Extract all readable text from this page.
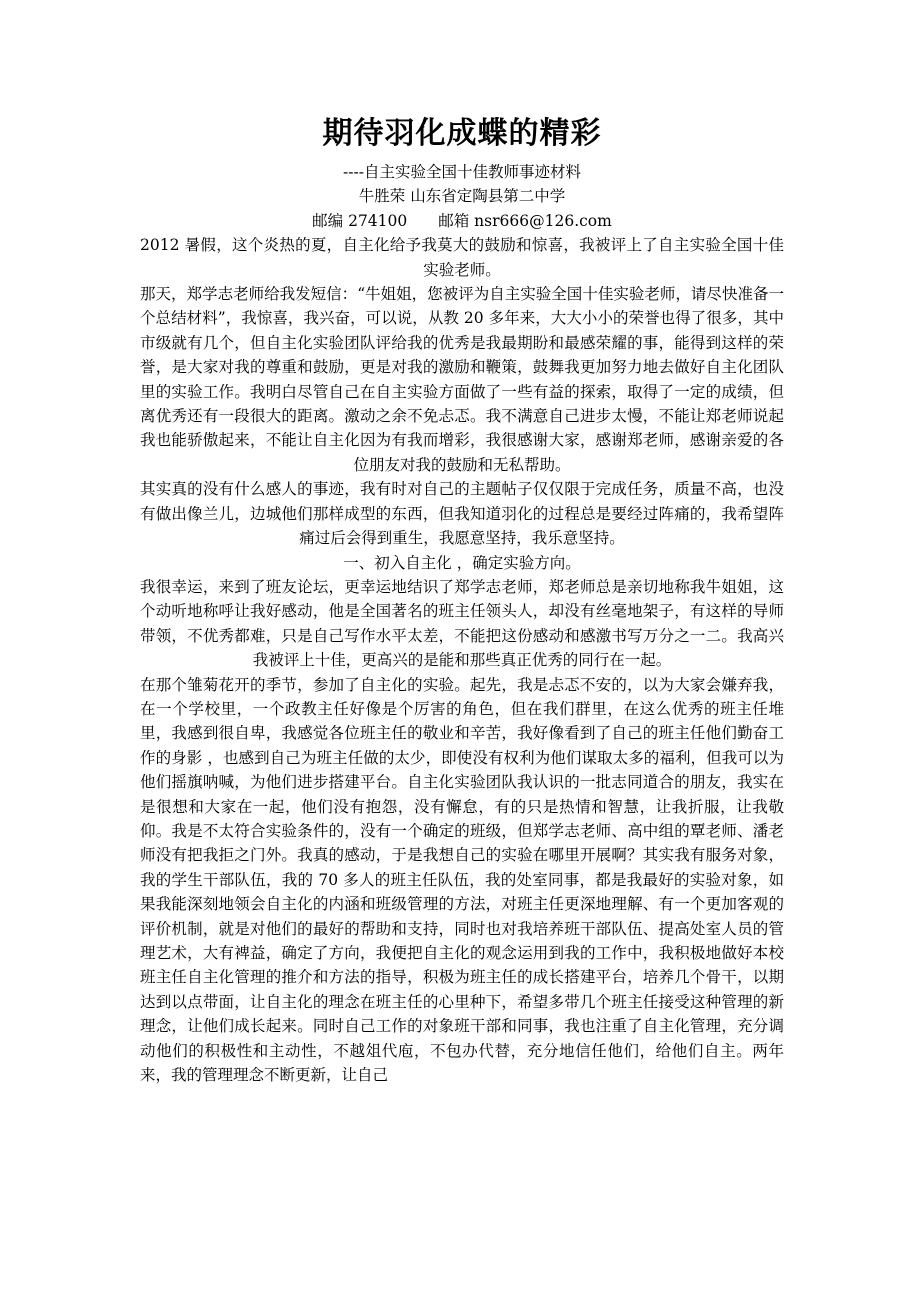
期待羽化成蝶的精彩

----自主实验全国十佳教师事迹材料

牛胜荣 山东省定陶县第二中学

邮编 274100　　邮箱 nsr666@126.com

2012 暑假，这个炎热的夏，自主化给予我莫大的鼓励和惊喜，我被评上了自主实验全国十佳实验老师。

那天，郑学志老师给我发短信：“牛姐姐，您被评为自主实验全国十佳实验老师，请尽快准备一个总结材料”，我惊喜，我兴奋，可以说，从教 20 多年来，大大小小的荣誉也得了很多，其中市级就有几个，但自主化实验团队评给我的优秀是我最期盼和最感荣耀的事，能得到这样的荣誉，是大家对我的尊重和鼓励，更是对我的激励和鞭策，鼓舞我更加努力地去做好自主化团队里的实验工作。我明白尽管自己在自主实验方面做了一些有益的探索，取得了一定的成绩，但离优秀还有一段很大的距离。激动之余不免忐忑。我不满意自己进步太慢，不能让郑老师说起我也能骄傲起来，不能让自主化因为有我而增彩，我很感谢大家，感谢郑老师，感谢亲爱的各位朋友对我的鼓励和无私帮助。

其实真的没有什么感人的事迹，我有时对自己的主题帖子仅仅限于完成任务，质量不高，也没有做出像兰儿，边城他们那样成型的东西，但我知道羽化的过程总是要经过阵痛的，我希望阵痛过后会得到重生，我愿意坚持，我乐意坚持。

一、初入自主化 ，确定实验方向。

我很幸运，来到了班友论坛，更幸运地结识了郑学志老师，郑老师总是亲切地称我牛姐姐，这个动听地称呼让我好感动，他是全国著名的班主任领头人，却没有丝毫地架子，有这样的导师带领，不优秀都难，只是自己写作水平太差，不能把这份感动和感激书写万分之一二。我高兴我被评上十佳，更高兴的是能和那些真正优秀的同行在一起。

在那个雏菊花开的季节，参加了自主化的实验。起先，我是忐忑不安的，以为大家会嫌弃我，在一个学校里，一个政教主任好像是个厉害的角色，但在我们群里，在这么优秀的班主任堆里，我感到很自卑，我感觉各位班主任的敬业和辛苦，我好像看到了自己的班主任他们勤奋工作的身影 ，也感到自己为班主任做的太少，即使没有权利为他们谋取太多的福利，但我可以为他们摇旗呐喊，为他们进步搭建平台。自主化实验团队我认识的一批志同道合的朋友，我实在是很想和大家在一起，他们没有抱怨，没有懈怠，有的只是热情和智慧，让我折服，让我敬仰。我是不太符合实验条件的，没有一个确定的班级，但郑学志老师、高中组的覃老师、潘老师没有把我拒之门外。我真的感动，于是我想自己的实验在哪里开展啊？其实我有服务对象，我的学生干部队伍，我的 70 多人的班主任队伍，我的处室同事，都是我最好的实验对象，如果我能深刻地领会自主化的内涵和班级管理的方法，对班主任更深地理解、有一个更加客观的评价机制，就是对他们的最好的帮助和支持，同时也对我培养班干部队伍、提高处室人员的管理艺术，大有裨益，确定了方向，我便把自主化的观念运用到我的工作中，我积极地做好本校班主任自主化管理的推介和方法的指导，积极为班主任的成长搭建平台，培养几个骨干，以期达到以点带面，让自主化的理念在班主任的心里种下，希望多带几个班主任接受这种管理的新理念，让他们成长起来。同时自己工作的对象班干部和同事，我也注重了自主化管理，充分调动他们的积极性和主动性，不越俎代庖，不包办代替，充分地信任他们，给他们自主。两年来，我的管理理念不断更新，让自己
